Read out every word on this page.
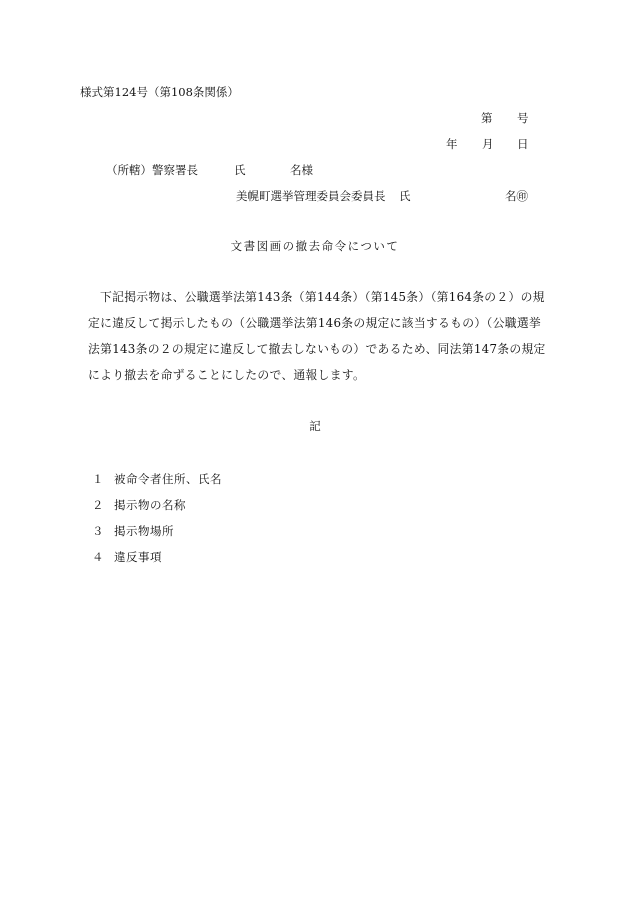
様式第124号（第108条関係）
第 号
年 月 日
（所轄）警察署長	氏	名様
美幌町選挙管理委員会委員長 氏	名㊞
文書図画の撤去命令について
下記掲示物は、公職選挙法第143条（第144条）（第145条）（第164条の２）の規定に違反して掲示したもの（公職選挙法第146条の規定に該当するもの）（公職選挙法第143条の２の規定に違反して撤去しないもの）であるため、同法第147条の規定により撤去を命ずることにしたので、通報します。
記
１ 被命令者住所、氏名
２ 掲示物の名称
３ 掲示物場所
４ 違反事項
